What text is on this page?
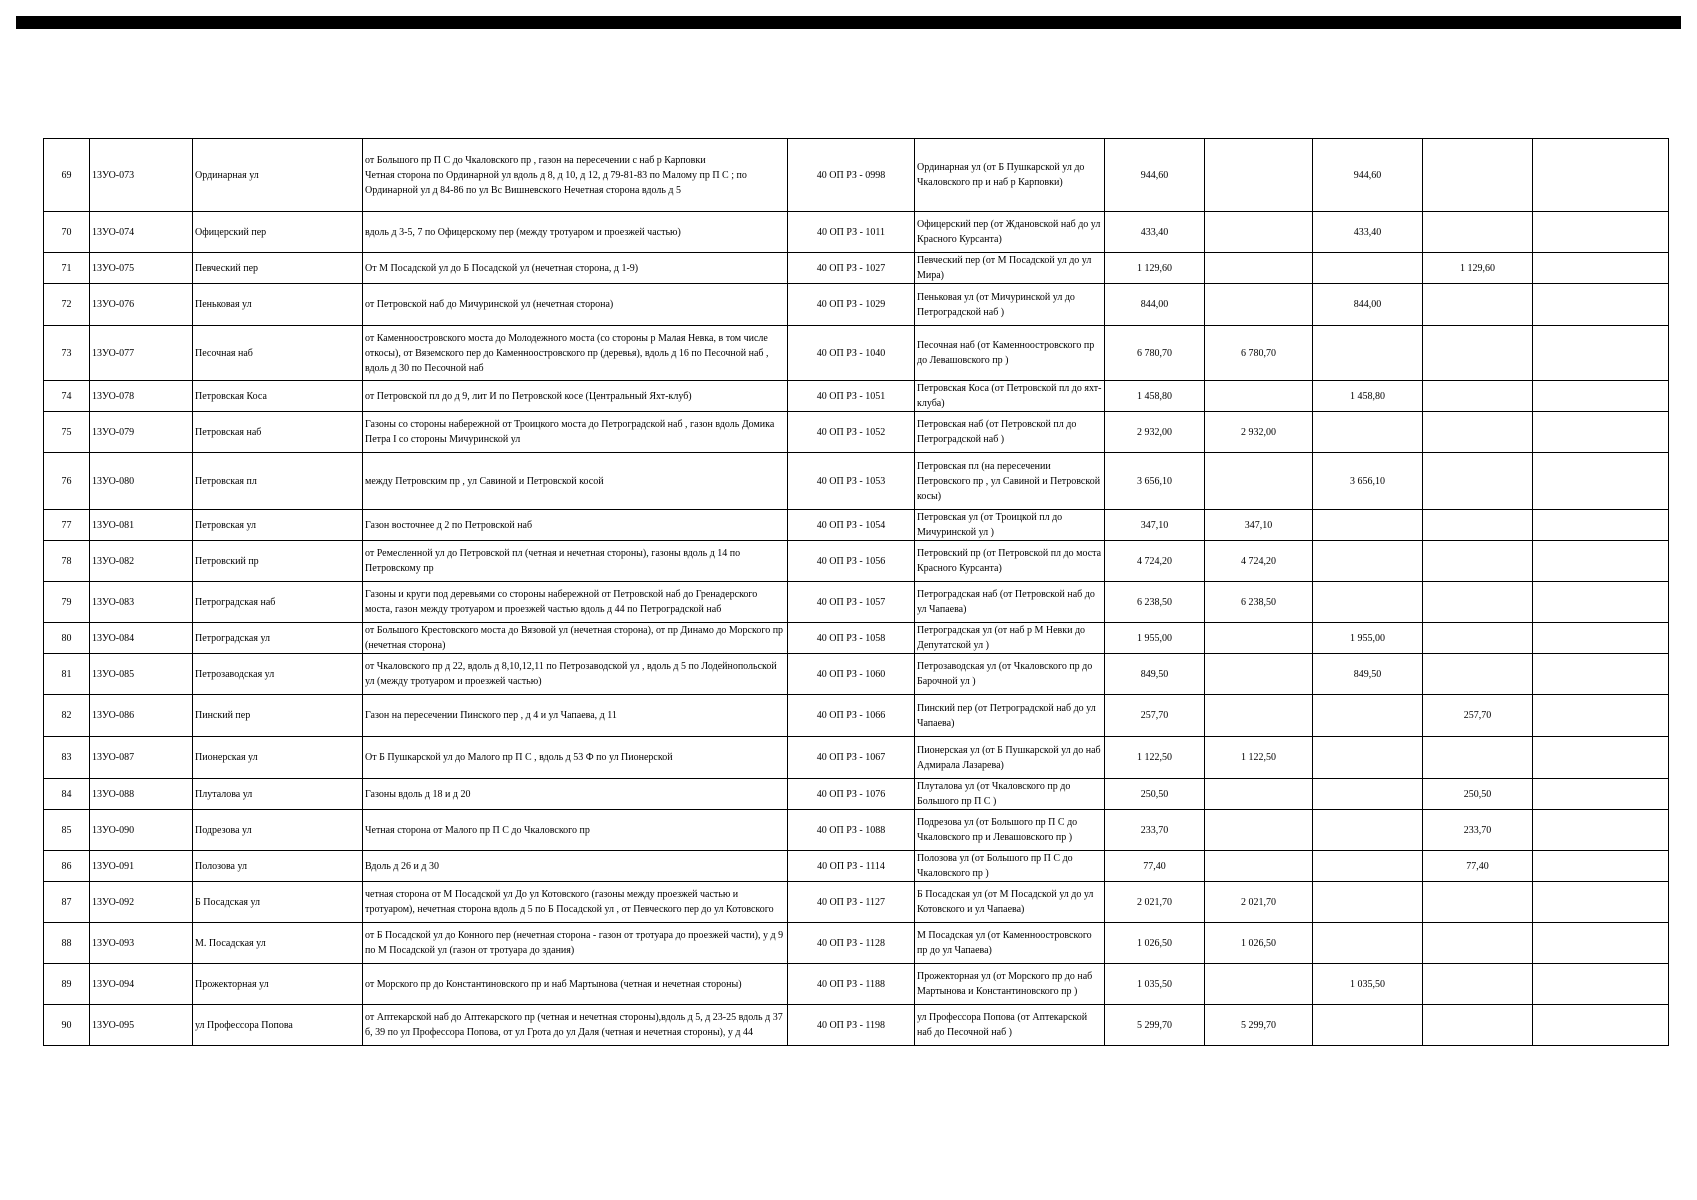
69	13УО-073	Ординарная ул	от Большого пр П С до Чкаловского пр , газон на пересечении с наб р Карповки
Четная сторона по Ординарной ул вдоль д 8, д 10, д 12, д 79-81-83 по Малому пр П С ; по Ординарной ул д 84-86 по ул Вс Вишневского Нечетная сторона вдоль д 5	40 ОП РЗ - 0998	Ординарная ул (от Б Пушкарской ул до Чкаловского пр и наб р Карповки)	944,60		944,60		
70	13УО-074	Офицерский пер	вдоль д 3-5, 7 по Офицерскому пер (между тротуаром и проезжей частью)	40 ОП РЗ - 1011	Офицерский пер (от Ждановской наб до ул Красного Курсанта)	433,40		433,40		
71	13УО-075	Певческий пер	От М Посадской ул до Б Посадской ул (нечетная сторона, д 1-9)	40 ОП РЗ - 1027	Певческий пер (от М Посадской ул до ул Мира)	1 129,60			1 129,60	
72	13УО-076	Пеньковая ул	от Петровской наб до Мичуринской ул (нечетная сторона)	40 ОП РЗ - 1029	Пеньковая ул (от Мичуринской ул до Петроградской наб )	844,00		844,00		
73	13УО-077	Песочная наб	от Каменноостровского моста до Молодежного моста (со стороны р Малая Невка, в том числе откосы), от Вяземского пер до Каменноостровского пр (деревья), вдоль д 16 по Песочной наб , вдоль д 30 по Песочной наб	40 ОП РЗ - 1040	Песочная наб (от Каменноостровского пр до Левашовского пр )	6 780,70	6 780,70			
74	13УО-078	Петровская Коса	от Петровской пл до д 9, лит И по Петровской косе (Центральный Яхт-клуб)	40 ОП РЗ - 1051	Петровская Коса (от Петровской пл до яхт-клуба)	1 458,80		1 458,80		
75	13УО-079	Петровская наб	Газоны со стороны набережной от Троицкого моста до Петроградской наб , газон вдоль Домика Петра I со стороны Мичуринской ул	40 ОП РЗ - 1052	Петровская наб (от Петровской пл до Петроградской наб )	2 932,00	2 932,00			
76	13УО-080	Петровская пл	между Петровским пр , ул Савиной и Петровской косой	40 ОП РЗ - 1053	Петровская пл (на пересечении Петровского пр , ул Савиной и Петровской косы)	3 656,10		3 656,10		
77	13УО-081	Петровская ул	Газон восточнее д 2 по Петровской наб	40 ОП РЗ - 1054	Петровская ул (от Троицкой пл до Мичуринской ул )	347,10	347,10			
78	13УО-082	Петровский пр	от Ремесленной ул до Петровской пл (четная и нечетная стороны), газоны вдоль д 14 по Петровскому пр	40 ОП РЗ - 1056	Петровский пр (от Петровской пл до моста Красного Курсанта)	4 724,20	4 724,20			
79	13УО-083	Петроградская наб	Газоны и круги под деревьями со стороны набережной от Петровской наб до Гренадерского моста, газон между тротуаром и проезжей частью вдоль д 44 по Петроградской наб	40 ОП РЗ - 1057	Петроградская наб (от Петровской наб до ул Чапаева)	6 238,50	6 238,50			
80	13УО-084	Петроградская ул	от Большого Крестовского моста до Вязовой ул (нечетная сторона), от пр Динамо до Морского пр (нечетная сторона)	40 ОП РЗ - 1058	Петроградская ул (от наб р М Невки до Депутатской ул )	1 955,00		1 955,00		
81	13УО-085	Петрозаводская ул	от Чкаловского пр д 22, вдоль д 8,10,12,11 по Петрозаводской ул , вдоль д 5 по Лодейнопольской ул (между тротуаром и проезжей частью)	40 ОП РЗ - 1060	Петрозаводская ул (от Чкаловского пр до Барочной ул )	849,50		849,50		
82	13УО-086	Пинский пер	Газон на пересечении Пинского пер , д 4 и ул Чапаева, д 11	40 ОП РЗ - 1066	Пинский пер (от Петроградской наб до ул Чапаева)	257,70			257,70	
83	13УО-087	Пионерская ул	От Б Пушкарской ул до Малого пр П С , вдоль д 53 Ф по ул Пионерской	40 ОП РЗ - 1067	Пионерская ул (от Б Пушкарской ул до наб Адмирала Лазарева)	1 122,50	1 122,50			
84	13УО-088	Плуталова ул	Газоны вдоль д 18 и д 20	40 ОП РЗ - 1076	Плуталова ул (от Чкаловского пр до Большого пр П С )	250,50			250,50	
85	13УО-090	Подрезова ул	Четная сторона от Малого пр П С до Чкаловского пр	40 ОП РЗ - 1088	Подрезова ул (от Большого пр П С до Чкаловского пр и Левашовского пр )	233,70			233,70	
86	13УО-091	Полозова ул	Вдоль д 26 и д 30	40 ОП РЗ - 1114	Полозова ул (от Большого пр П С до Чкаловского пр )	77,40			77,40	
87	13УО-092	Б Посадская ул	четная сторона от М Посадской ул До ул Котовского (газоны между проезжей частью и тротуаром), нечетная сторона вдоль д 5 по Б Посадской ул , от Певческого пер до ул Котовского	40 ОП РЗ - 1127	Б Посадская ул (от М Посадской ул до ул Котовского и ул Чапаева)	2 021,70	2 021,70			
88	13УО-093	М. Посадская ул	от Б Посадской ул до Конного пер (нечетная сторона - газон от тротуара до проезжей части), у д 9 по М Посадской ул (газон от тротуара до здания)	40 ОП РЗ - 1128	М Посадская ул (от Каменноостровского пр до ул Чапаева)	1 026,50	1 026,50			
89	13УО-094	Прожекторная ул	от Морского пр до Константиновского пр и наб Мартынова (четная и нечетная стороны)	40 ОП РЗ - 1188	Прожекторная ул (от Морского пр до наб Мартынова и Константиновского пр )	1 035,50		1 035,50		
90	13УО-095	ул Профессора Попова	от Аптекарской наб до Аптекарского пр (четная и нечетная стороны),вдоль д 5, д 23-25 вдоль д 37 б, 39 по ул Профессора Попова, от ул Грота до ул Даля (четная и нечетная стороны), у д 44	40 ОП РЗ - 1198	ул Профессора Попова (от Аптекарской наб до Песочной наб )	5 299,70	5 299,70			
